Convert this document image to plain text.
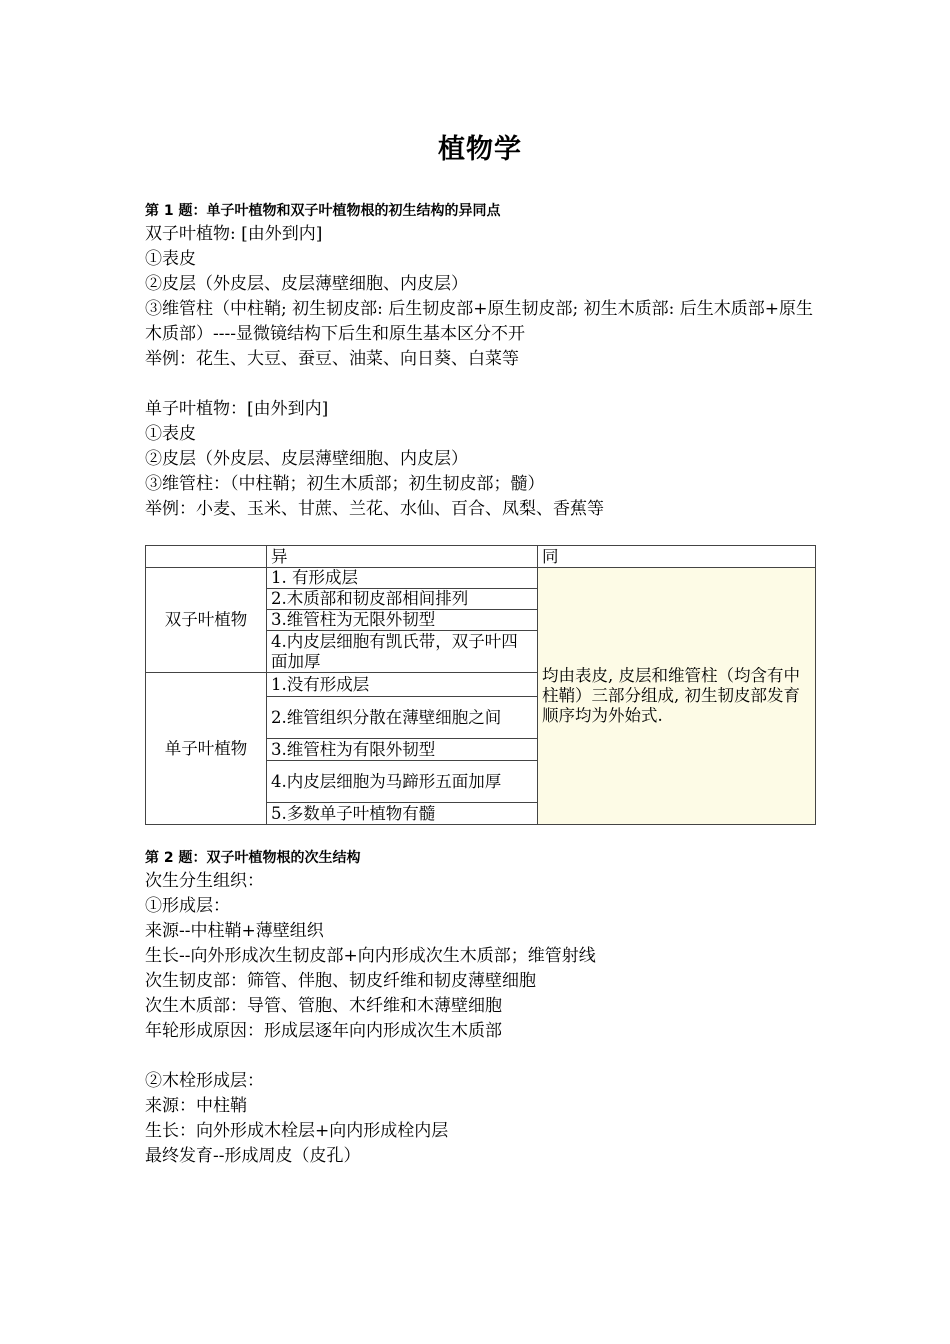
植物学

第 1 题：单子叶植物和双子叶植物根的初生结构的异同点

双子叶植物: [由外到内]

①表皮

②皮层（外皮层、皮层薄壁细胞、内皮层）

③维管柱（中柱鞘; 初生韧皮部: 后生韧皮部+原生韧皮部; 初生木质部: 后生木质部+原生木质部）----显微镜结构下后生和原生基本区分不开

举例：花生、大豆、蚕豆、油菜、向日葵、白菜等

单子叶植物：[由外到内]

①表皮

②皮层（外皮层、皮层薄壁细胞、内皮层）

③维管柱：（中柱鞘；初生木质部；初生韧皮部；髓）

举例：小麦、玉米、甘蔗、兰花、水仙、百合、凤梨、香蕉等

	异	同
双子叶植物	1. 有形成层	均由表皮, 皮层和维管柱（均含有中柱鞘）三部分组成, 初生韧皮部发育顺序均为外始式.
	2.木质部和韧皮部相间排列	
	3.维管柱为无限外韧型	
	4.内皮层细胞有凯氏带，双子叶四面加厚	
单子叶植物	1.没有形成层	
	2.维管组织分散在薄壁细胞之间	
	3.维管柱为有限外韧型	
	4.内皮层细胞为马蹄形五面加厚	
	5.多数单子叶植物有髓	

第 2 题：双子叶植物根的次生结构

次生分生组织：

①形成层：

来源--中柱鞘+薄壁组织

生长--向外形成次生韧皮部+向内形成次生木质部；维管射线

次生韧皮部：筛管、伴胞、韧皮纤维和韧皮薄壁细胞

次生木质部：导管、管胞、木纤维和木薄壁细胞

年轮形成原因：形成层逐年向内形成次生木质部

②木栓形成层：

来源：中柱鞘

生长：向外形成木栓层+向内形成栓内层

最终发育--形成周皮（皮孔）
